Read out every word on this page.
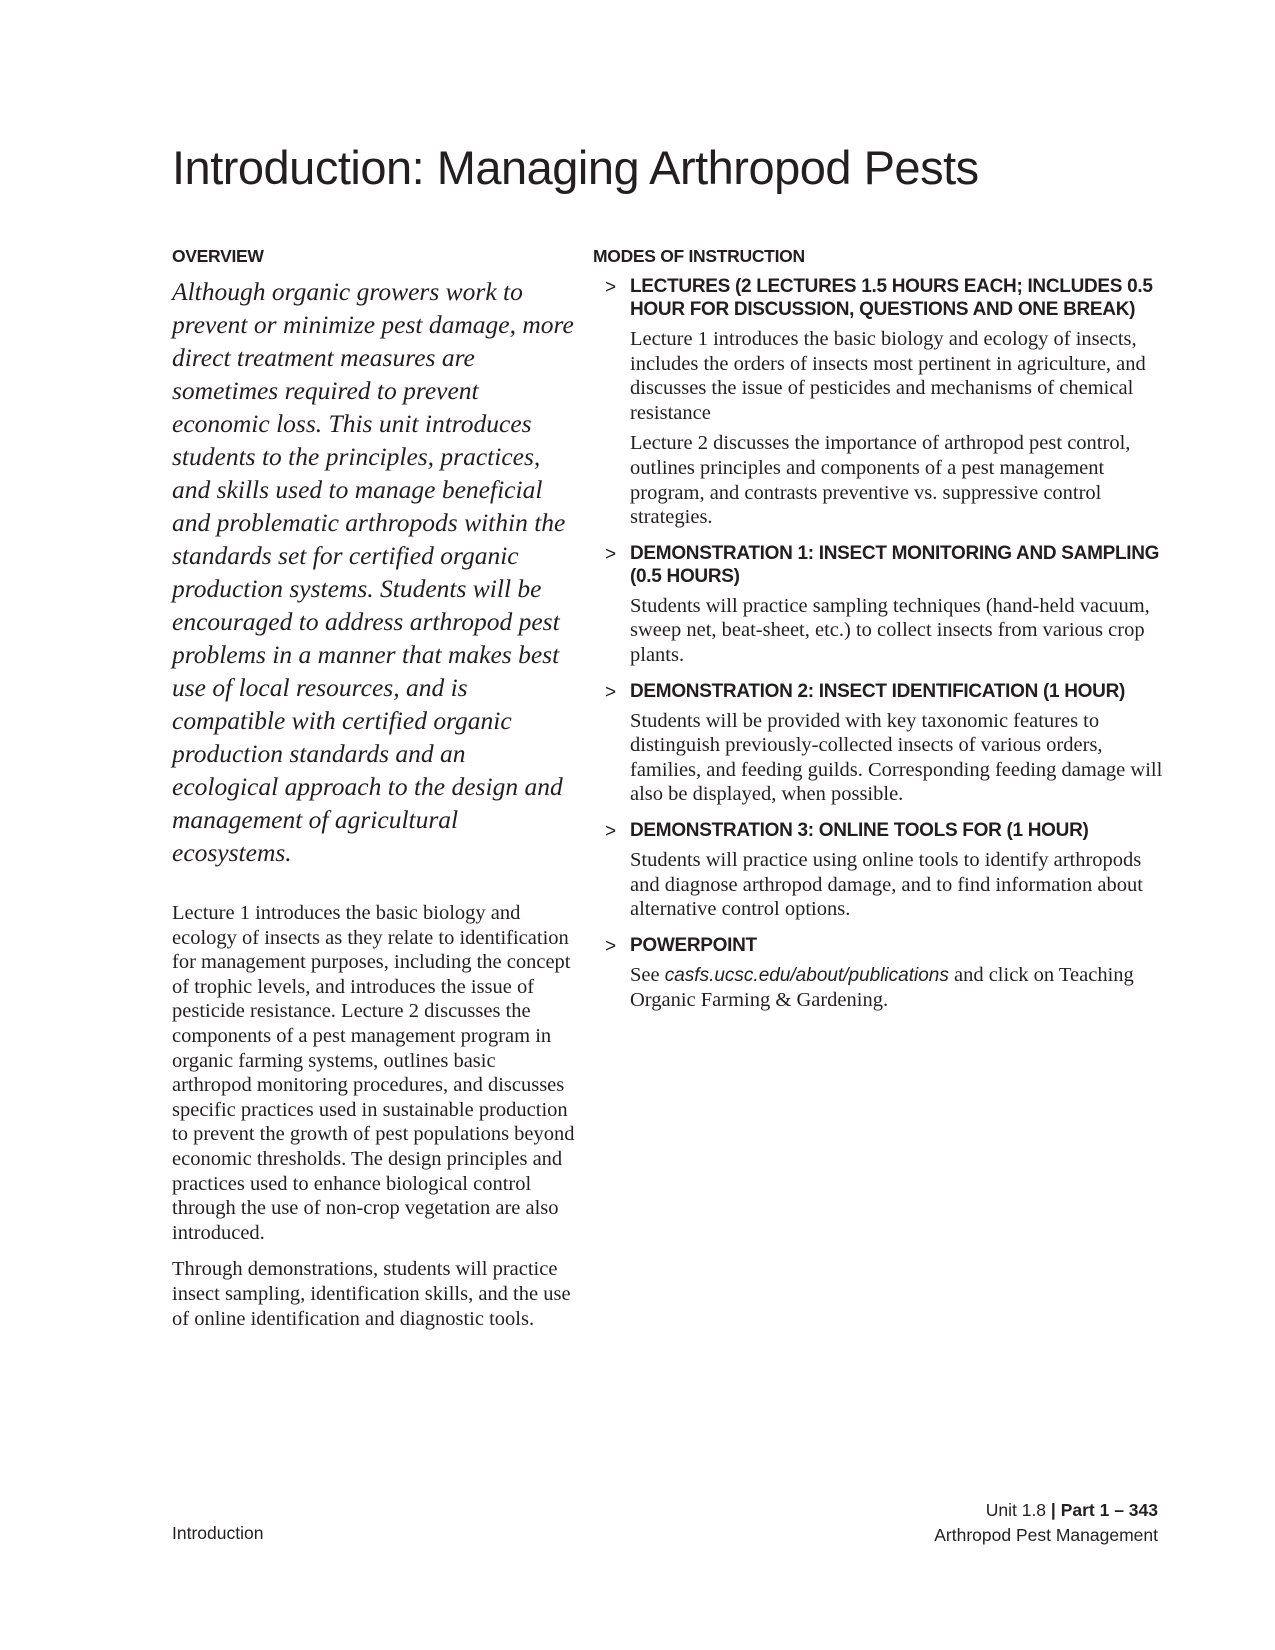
Introduction: Managing Arthropod Pests
OVERVIEW

Although organic growers work to prevent or minimize pest damage, more direct treatment measures are sometimes required to prevent economic loss. This unit introduces students to the principles, practices, and skills used to manage beneficial and problematic arthropods within the standards set for certified organic production systems. Students will be encouraged to address arthropod pest problems in a manner that makes best use of local resources, and is compatible with certified organic production standards and an ecological approach to the design and management of agricultural ecosystems.

Lecture 1 introduces the basic biology and ecology of insects as they relate to identification for management purposes, including the concept of trophic levels, and introduces the issue of pesticide resistance. Lecture 2 discusses the components of a pest management program in organic farming systems, outlines basic arthropod monitoring procedures, and discusses specific practices used in sustainable production to prevent the growth of pest populations beyond economic thresholds. The design principles and practices used to enhance biological control through the use of non-crop vegetation are also introduced.

Through demonstrations, students will practice insect sampling, identification skills, and the use of online identification and diagnostic tools.

MODES OF INSTRUCTION
> LECTURES (2 LECTURES 1.5 HOURS EACH; INCLUDES 0.5 HOUR FOR DISCUSSION, QUESTIONS AND ONE BREAK)

Lecture 1 introduces the basic biology and ecology of insects, includes the orders of insects most pertinent in agriculture, and discusses the issue of pesticides and mechanisms of chemical resistance

Lecture 2 discusses the importance of arthropod pest control, outlines principles and components of a pest management program, and contrasts preventive vs. suppressive control strategies.

> DEMONSTRATION 1: INSECT MONITORING AND SAMPLING (0.5 HOURS)

Students will practice sampling techniques (hand-held vacuum, sweep net, beat-sheet, etc.) to collect insects from various crop plants.

> DEMONSTRATION 2: INSECT IDENTIFICATION (1 HOUR)

Students will be provided with key taxonomic features to distinguish previously-collected insects of various orders, families, and feeding guilds. Corresponding feeding damage will also be displayed, when possible.

> DEMONSTRATION 3: ONLINE TOOLS FOR (1 HOUR)

Students will practice using online tools to identify arthropods and diagnose arthropod damage, and to find information about alternative control options.

> POWERPOINT

See casfs.ucsc.edu/about/publications and click on Teaching Organic Farming & Gardening.

Introduction
Unit 1.8 | Part 1 – 343
Arthropod Pest Management
